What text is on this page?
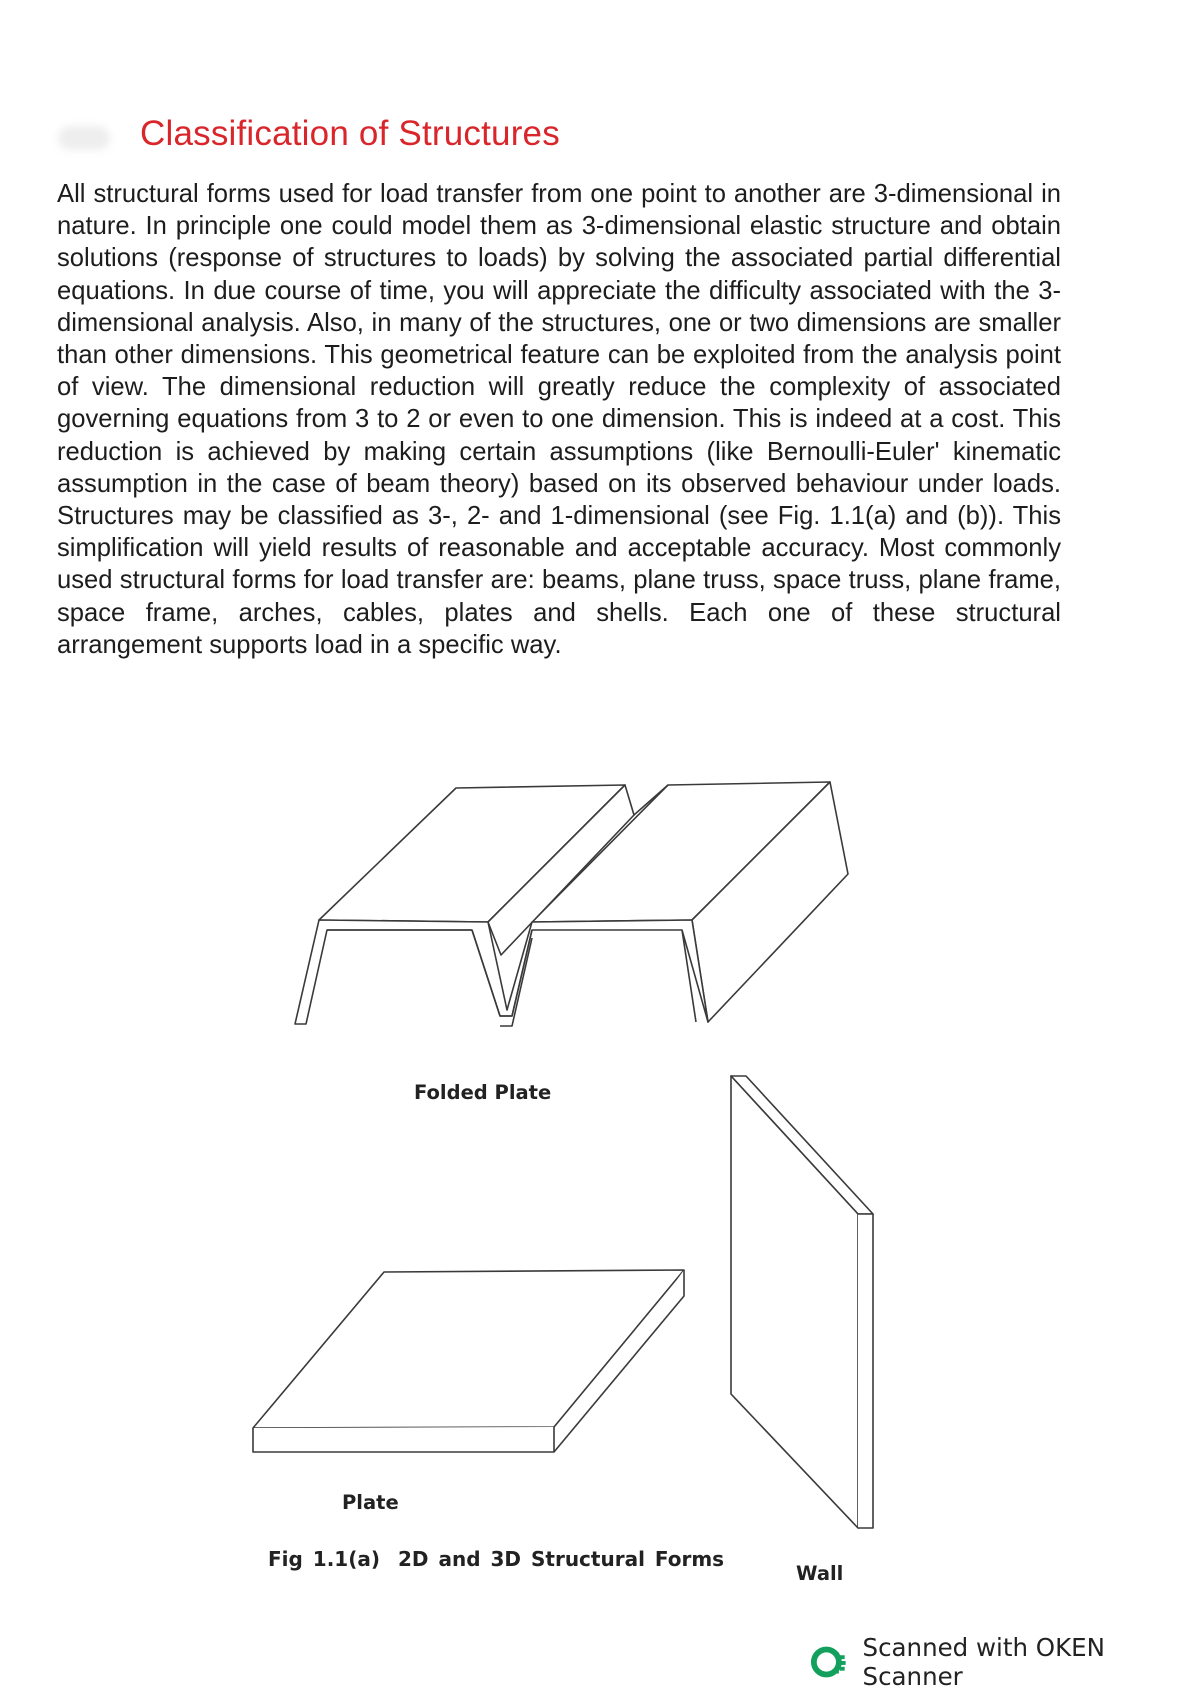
Classification of Structures
All structural forms used for load transfer from one point to another are 3-dimensional in nature. In principle one could model them as 3-dimensional elastic structure and obtain solutions (response of structures to loads) by solving the associated partial differential equations. In due course of time, you will appreciate the difficulty associated with the 3-dimensional analysis. Also, in many of the structures, one or two dimensions are smaller than other dimensions. This geometrical feature can be exploited from the analysis point of view. The dimensional reduction will greatly reduce the complexity of associated governing equations from 3 to 2 or even to one dimension. This is indeed at a cost. This reduction is achieved by making certain assumptions (like Bernoulli-Euler' kinematic assumption in the case of beam theory) based on its observed behaviour under loads. Structures may be classified as 3-, 2- and 1-dimensional (see Fig. 1.1(a) and (b)). This simplification will yield results of reasonable and acceptable accuracy. Most commonly used structural forms for load transfer are: beams, plane truss, space truss, plane frame, space frame, arches, cables, plates and shells. Each one of these structural arrangement supports load in a specific way.
Folded Plate
Plate
Wall
Fig 1.1(a) 2D and 3D Structural Forms
Scanned with OKEN Scanner
